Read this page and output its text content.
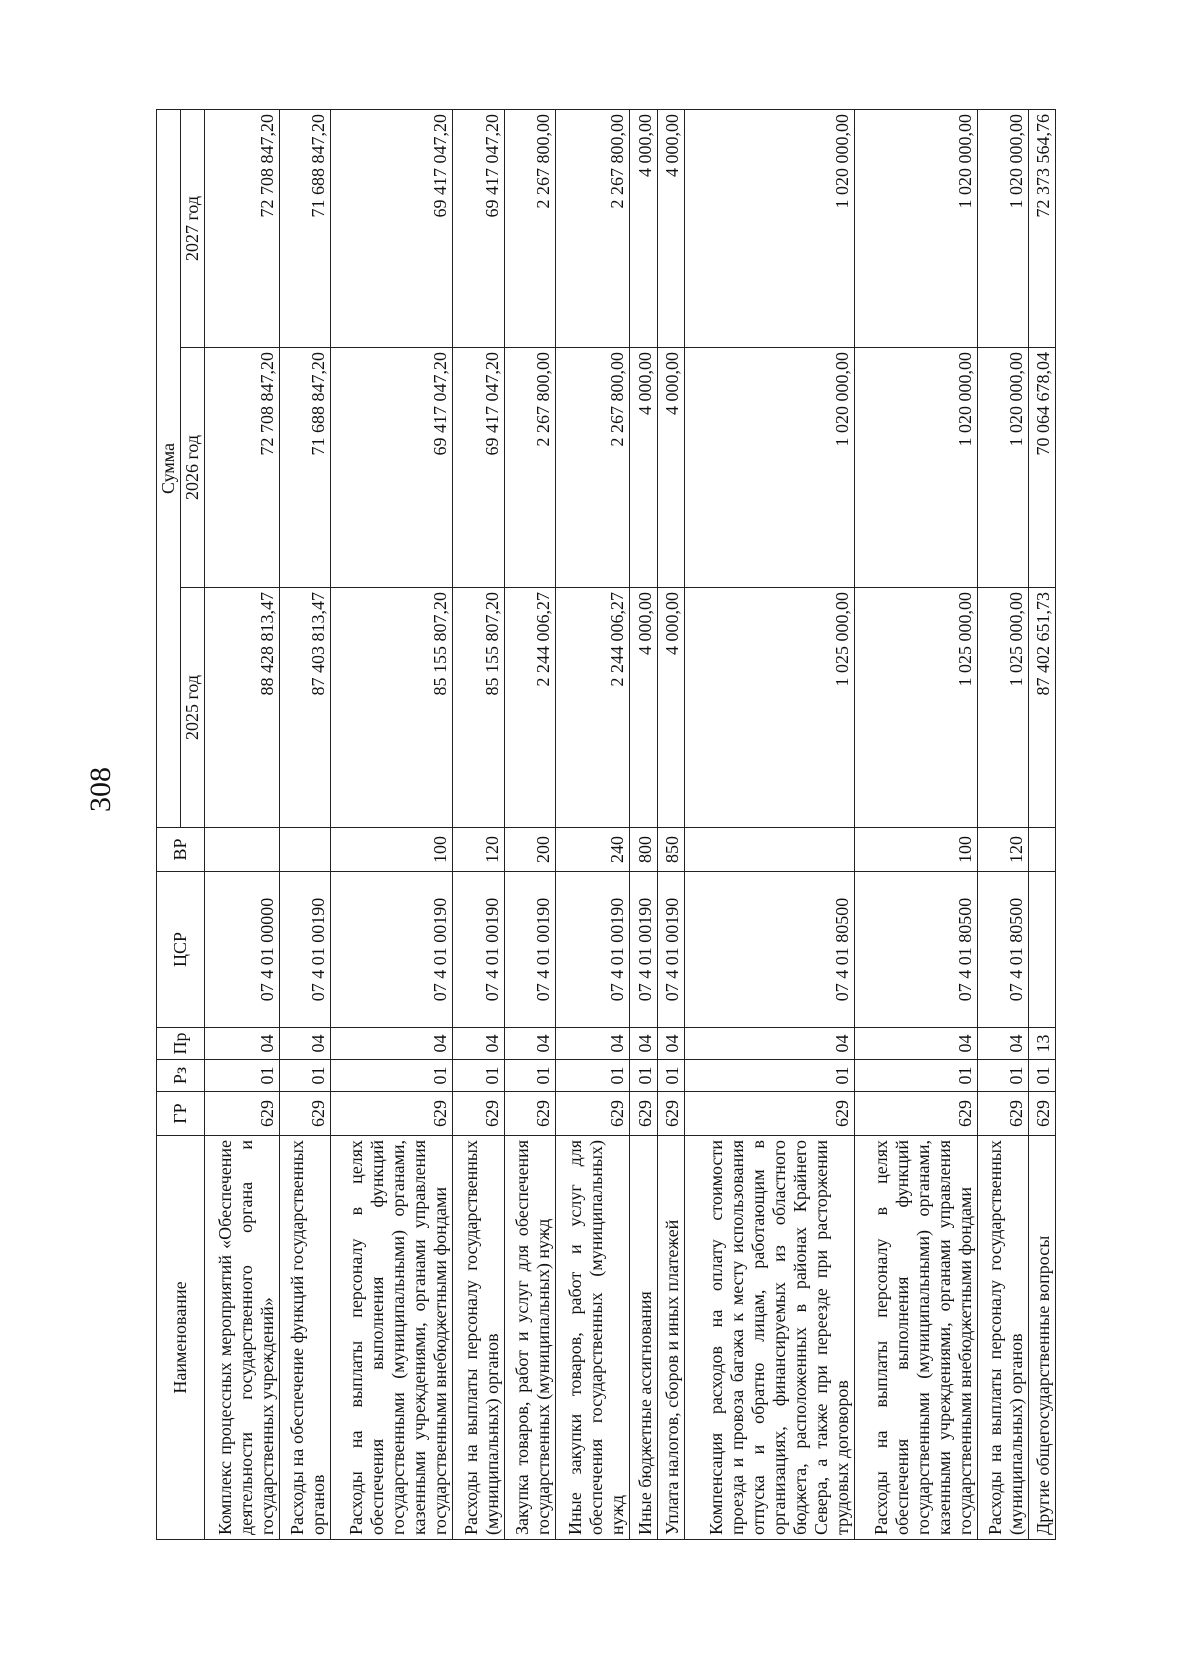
308
Наименование	ГР	Рз	Пр	ЦСР	ВР	Сумма		
						2025 год	2026 год	2027 год
Комплекс процессных мероприятий «Обеспечение деятельности государственного органа и государственных учреждений»	629	01	04	07 4 01 00000		88 428 813,47	72 708 847,20	72 708 847,20
Расходы на обеспечение функций государственных органов	629	01	04	07 4 01 00190		87 403 813,47	71 688 847,20	71 688 847,20
Расходы на выплаты персоналу в целях обеспечения выполнения функций государственными (муниципальными) органами, казенными учреждениями, органами управления государственными внебюджетными фондами	629	01	04	07 4 01 00190	100	85 155 807,20	69 417 047,20	69 417 047,20
Расходы на выплаты персоналу государственных (муниципальных) органов	629	01	04	07 4 01 00190	120	85 155 807,20	69 417 047,20	69 417 047,20
Закупка товаров, работ и услуг для обеспечения государственных (муниципальных) нужд	629	01	04	07 4 01 00190	200	2 244 006,27	2 267 800,00	2 267 800,00
Иные закупки товаров, работ и услуг для обеспечения государственных (муниципальных) нужд	629	01	04	07 4 01 00190	240	2 244 006,27	2 267 800,00	2 267 800,00
Иные бюджетные ассигнования	629	01	04	07 4 01 00190	800	4 000,00	4 000,00	4 000,00
Уплата налогов, сборов и иных платежей	629	01	04	07 4 01 00190	850	4 000,00	4 000,00	4 000,00
Компенсация расходов на оплату стоимости проезда и провоза багажа к месту использования отпуска и обратно лицам, работающим в организациях, финансируемых из областного бюджета, расположенных в районах Крайнего Севера, а также при переезде при расторжении трудовых договоров	629	01	04	07 4 01 80500		1 025 000,00	1 020 000,00	1 020 000,00
Расходы на выплаты персоналу в целях обеспечения выполнения функций государственными (муниципальными) органами, казенными учреждениями, органами управления государственными внебюджетными фондами	629	01	04	07 4 01 80500	100	1 025 000,00	1 020 000,00	1 020 000,00
Расходы на выплаты персоналу государственных (муниципальных) органов	629	01	04	07 4 01 80500	120	1 025 000,00	1 020 000,00	1 020 000,00
Другие общегосударственные вопросы	629	01	13			87 402 651,73	70 064 678,04	72 373 564,76
